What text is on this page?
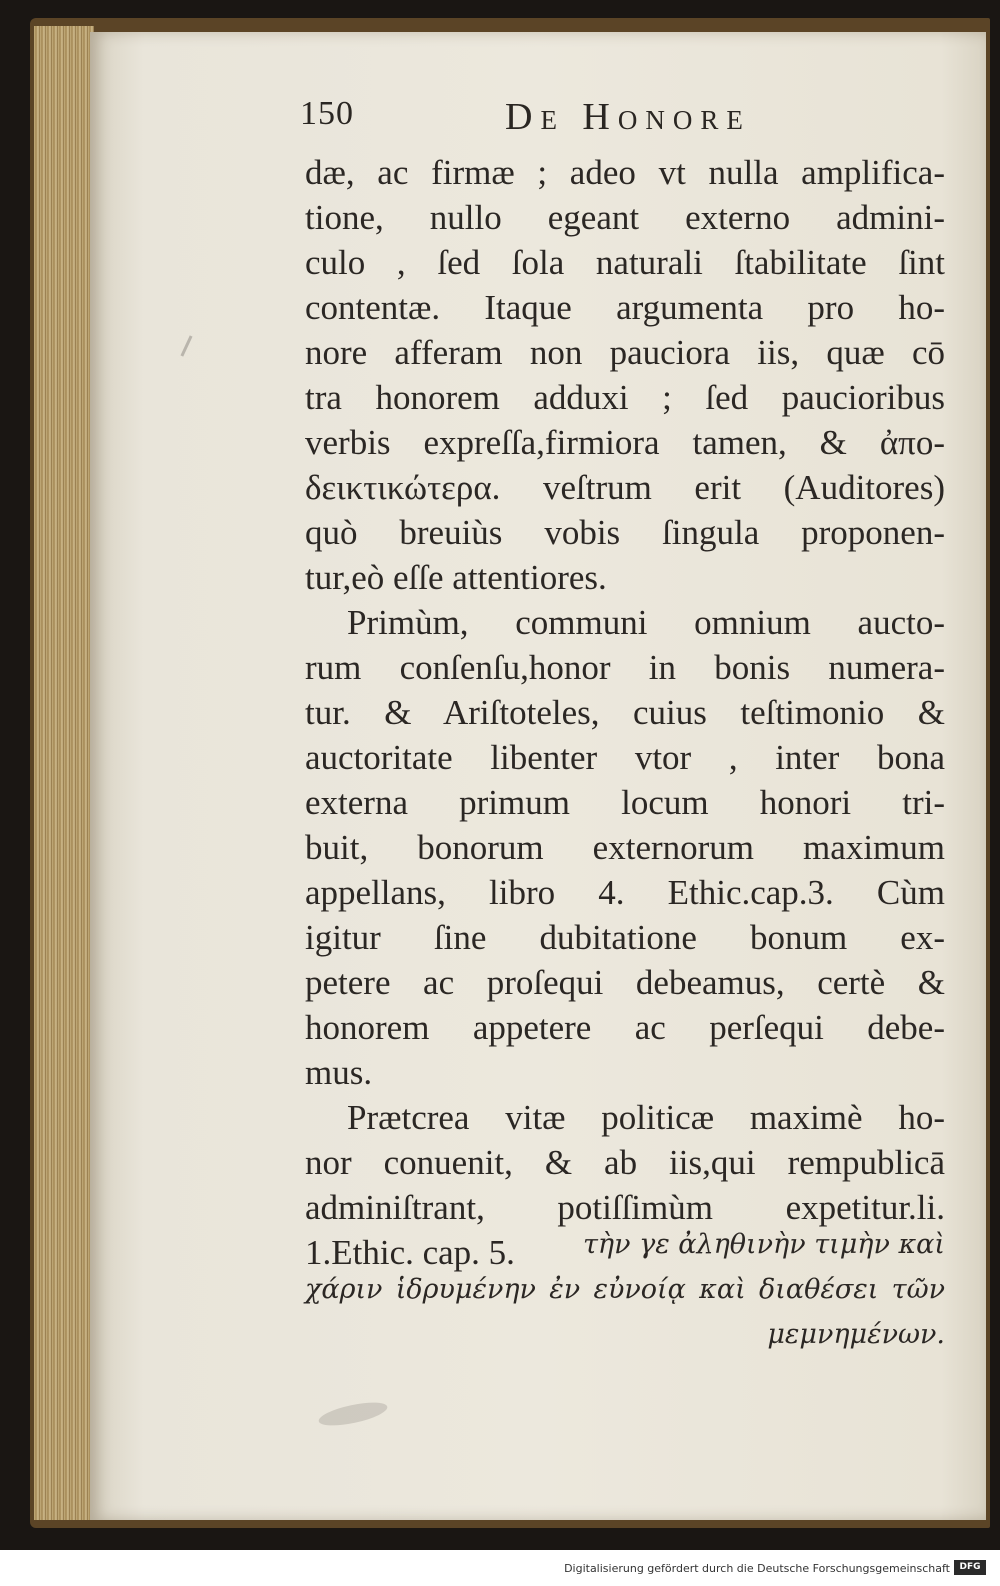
150	De Honore
dæ, ac firmæ ; adeo vt nulla amplifica-
tione, nullo egeant externo admini-
culo , ſed ſola naturali ſtabilitate ſint
contentæ. Itaque argumenta pro ho-
nore afferam non pauciora iis, quæ cō
tra honorem adduxi ; ſed paucioribus
verbis expreſſa,firmiora tamen, & ἀπο-
δεικτικώτερα. veſtrum erit (Auditores)
quò breuiùs vobis ſingula proponen-
tur,eò eſſe attentiores.
Primùm, communi omnium aucto-
rum conſenſu,honor in bonis numera-
tur. & Ariſtoteles, cuius teſtimonio &
auctoritate libenter vtor , inter bona
externa primum locum honori tri-
buit, bonorum externorum maximum
appellans, libro 4. Ethic.cap.3. Cùm
igitur ſine dubitatione bonum ex-
petere ac proſequi debeamus, certè &
honorem appetere ac perſequi debe-
mus.
Prætcrea vitæ politicæ maximè ho-
nor conuenit, & ab iis,qui rempublicā
adminiſtrant, potiſſimùm expetitur.li.
1.Ethic. cap. 5.	τὴν γε ἀληθινὴν τιμὴν καὶ
χάριν ἱδρυμένην ἐν εὐνοίᾳ καὶ διαθέσει τῶν
μεμνημένων.
Digitalisierung gefördert durch die Deutsche Forschungsgemeinschaft	DFG
